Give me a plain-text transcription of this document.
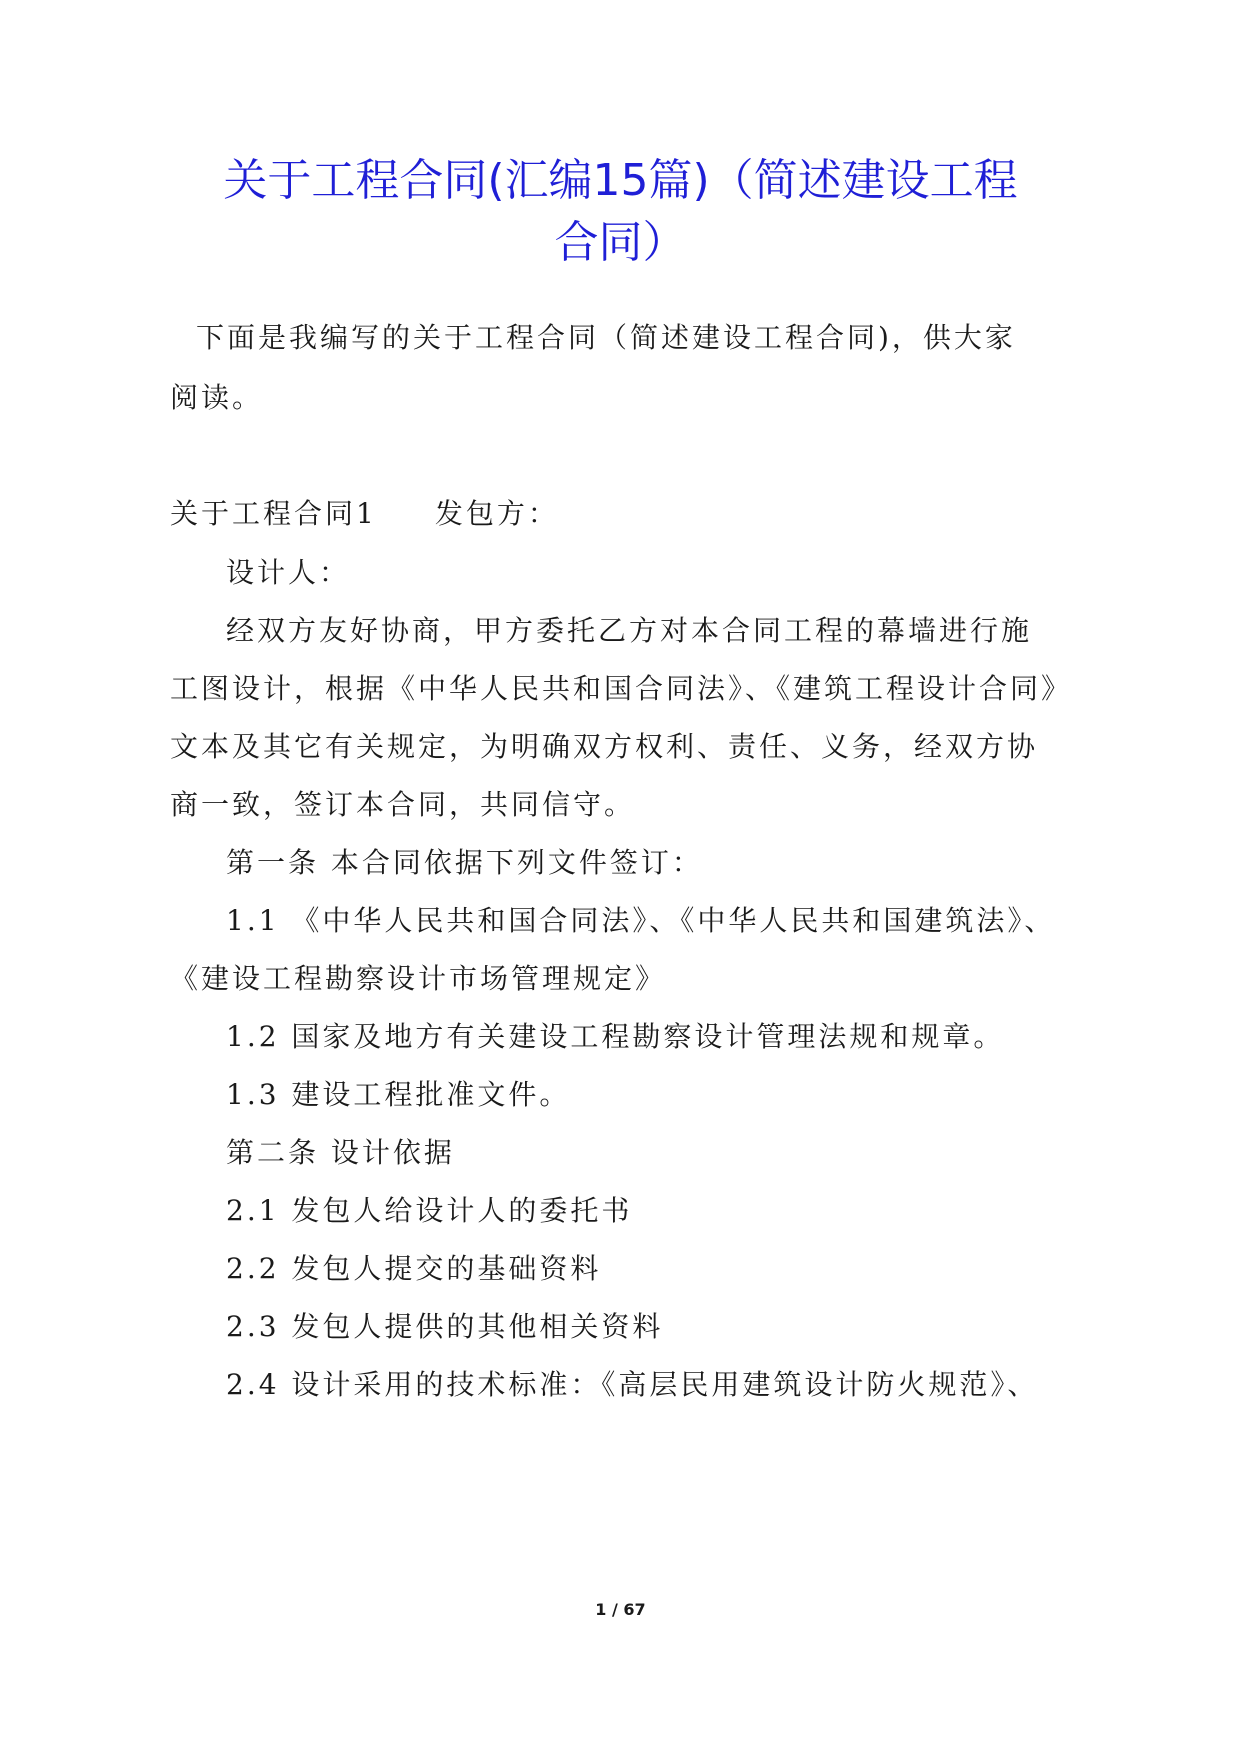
关于工程合同(汇编15篇)（简述建设工程
合同）

下面是我编写的关于工程合同（简述建设工程合同)，供大家

阅读。

关于工程合同1 发包方：

设计人：

经双方友好协商，甲方委托乙方对本合同工程的幕墙进行施

工图设计，根据《中华人民共和国合同法》、《建筑工程设计合同》

文本及其它有关规定，为明确双方权利、责任、义务，经双方协

商一致，签订本合同，共同信守。

第一条 本合同依据下列文件签订：

1.1 《中华人民共和国合同法》、《中华人民共和国建筑法》、

《建设工程勘察设计市场管理规定》

1.2 国家及地方有关建设工程勘察设计管理法规和规章。

1.3 建设工程批准文件。

第二条 设计依据

2.1 发包人给设计人的委托书

2.2 发包人提交的基础资料

2.3 发包人提供的其他相关资料

2.4 设计采用的技术标准：《高层民用建筑设计防火规范》、

1 / 67
